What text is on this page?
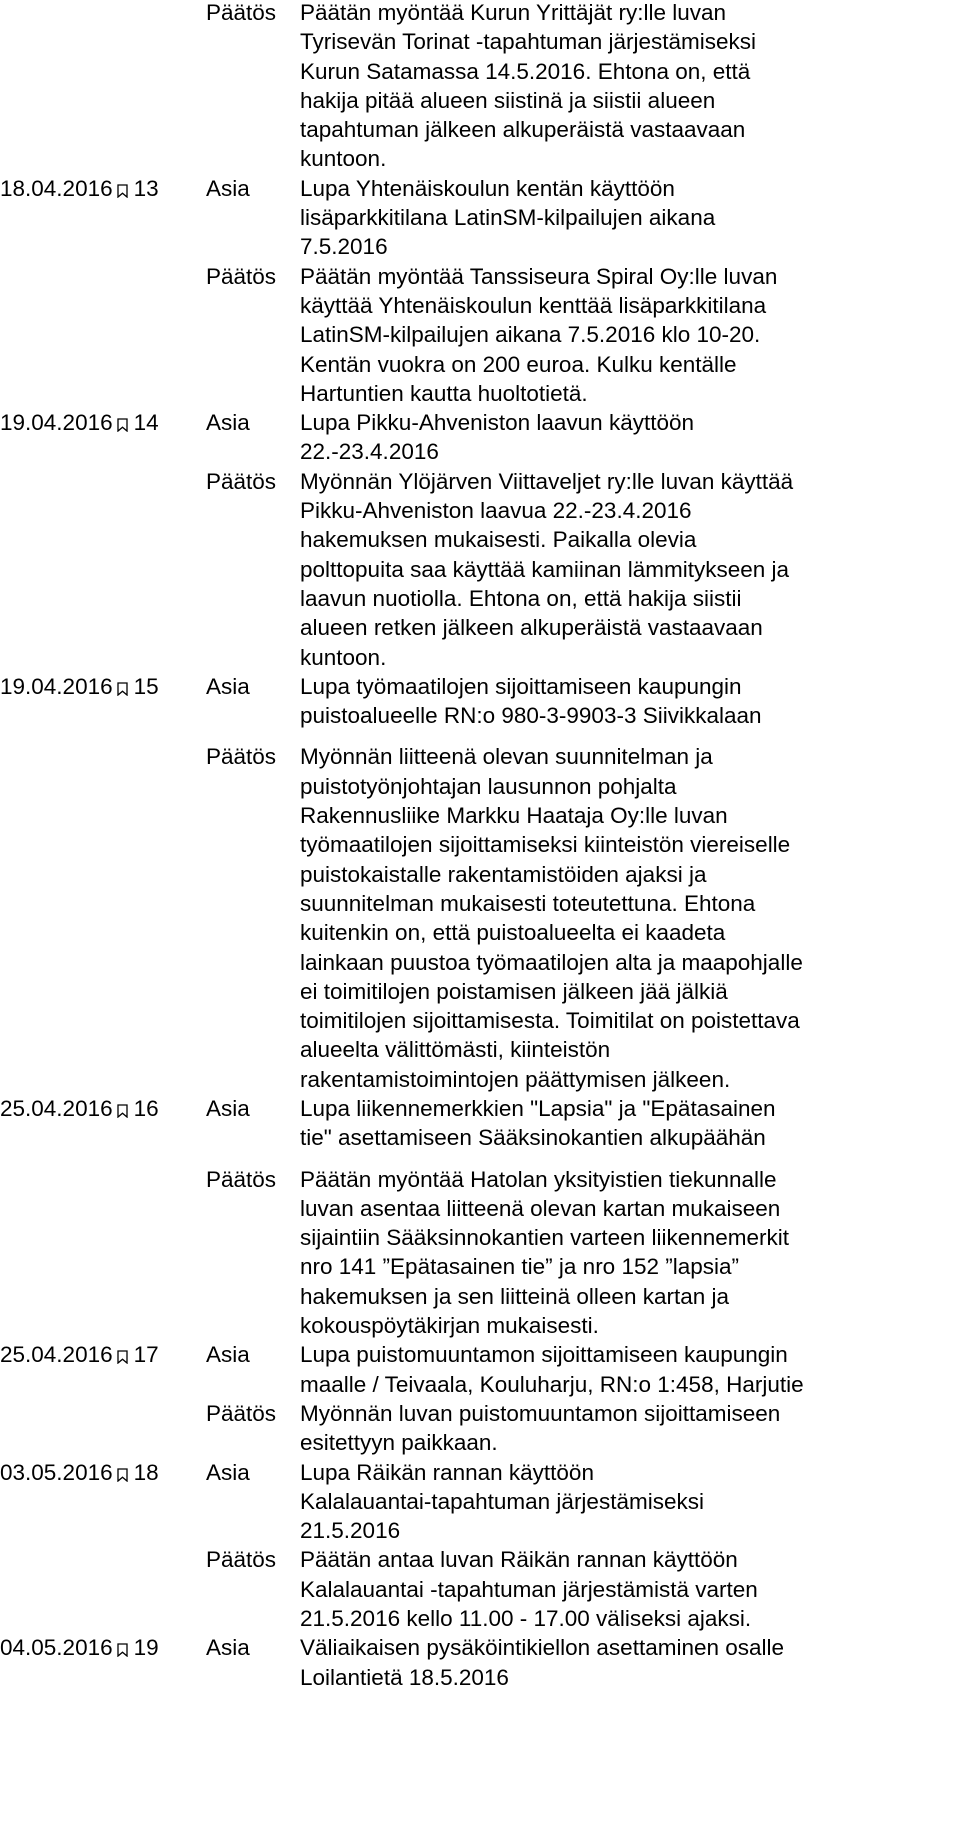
Päätös Päätän myöntää Kurun Yrittäjät ry:lle luvan
Tyrisevän Torinat -tapahtuman järjestämiseksi
Kurun Satamassa 14.5.2016. Ehtona on, että
hakija pitää alueen siistinä ja siistii alueen
tapahtuman jälkeen alkuperäistä vastaavaan
kuntoon.
18.04.2016 13	Asia	Lupa Yhtenäiskoulun kentän käyttöön
lisäparkkitilana LatinSM-kilpailujen aikana
7.5.2016
Päätös Päätän myöntää Tanssiseura Spiral Oy:lle luvan
käyttää Yhtenäiskoulun kenttää lisäparkkitilana
LatinSM-kilpailujen aikana 7.5.2016 klo 10-20.
Kentän vuokra on 200 euroa. Kulku kentälle
Hartuntien kautta huoltotietä.
19.04.2016 14	Asia	Lupa Pikku-Ahveniston laavun käyttöön
22.-23.4.2016
Päätös Myönnän Ylöjärven Viittaveljet ry:lle luvan käyttää
Pikku-Ahveniston laavua 22.-23.4.2016
hakemuksen mukaisesti. Paikalla olevia
polttopuita saa käyttää kamiinan lämmitykseen ja
laavun nuotiolla. Ehtona on, että hakija siistii
alueen retken jälkeen alkuperäistä vastaavaan
kuntoon.
19.04.2016 15	Asia	Lupa työmaatilojen sijoittamiseen kaupungin
puistoalueelle RN:o 980-3-9903-3 Siivikkalaan
Päätös Myönnän liitteenä olevan suunnitelman ja
puistotyönjohtajan lausunnon pohjalta
Rakennusliike Markku Haataja Oy:lle luvan
työmaatilojen sijoittamiseksi kiinteistön viereiselle
puistokaistalle rakentamistöiden ajaksi ja
suunnitelman mukaisesti toteutettuna. Ehtona
kuitenkin on, että puistoalueelta ei kaadeta
lainkaan puustoa työmaatilojen alta ja maapohjalle
ei toimitilojen poistamisen jälkeen jää jälkiä
toimitilojen sijoittamisesta. Toimitilat on poistettava
alueelta välittömästi, kiinteistön
rakentamistoimintojen päättymisen jälkeen.
25.04.2016 16	Asia	Lupa liikennemerkkien "Lapsia" ja "Epätasainen
tie" asettamiseen Sääksinokantien alkupäähän
Päätös Päätän myöntää Hatolan yksityistien tiekunnalle
luvan asentaa liitteenä olevan kartan mukaiseen
sijaintiin Sääksinnokantien varteen liikennemerkit
nro 141 ”Epätasainen tie” ja nro 152 ”lapsia”
hakemuksen ja sen liitteinä olleen kartan ja
kokouspöytäkirjan mukaisesti.
25.04.2016 17	Asia	Lupa puistomuuntamon sijoittamiseen kaupungin
maalle / Teivaala, Kouluharju, RN:o 1:458, Harjutie
Päätös Myönnän luvan puistomuuntamon sijoittamiseen
esitettyyn paikkaan.
03.05.2016 18	Asia	Lupa Räikän rannan käyttöön
Kalalauantai-tapahtuman järjestämiseksi
21.5.2016
Päätös Päätän antaa luvan Räikän rannan käyttöön
Kalalauantai -tapahtuman järjestämistä varten
21.5.2016 kello 11.00 - 17.00 väliseksi ajaksi.
04.05.2016 19	Asia	Väliaikaisen pysäköintikiellon asettaminen osalle
Loilantietä 18.5.2016
